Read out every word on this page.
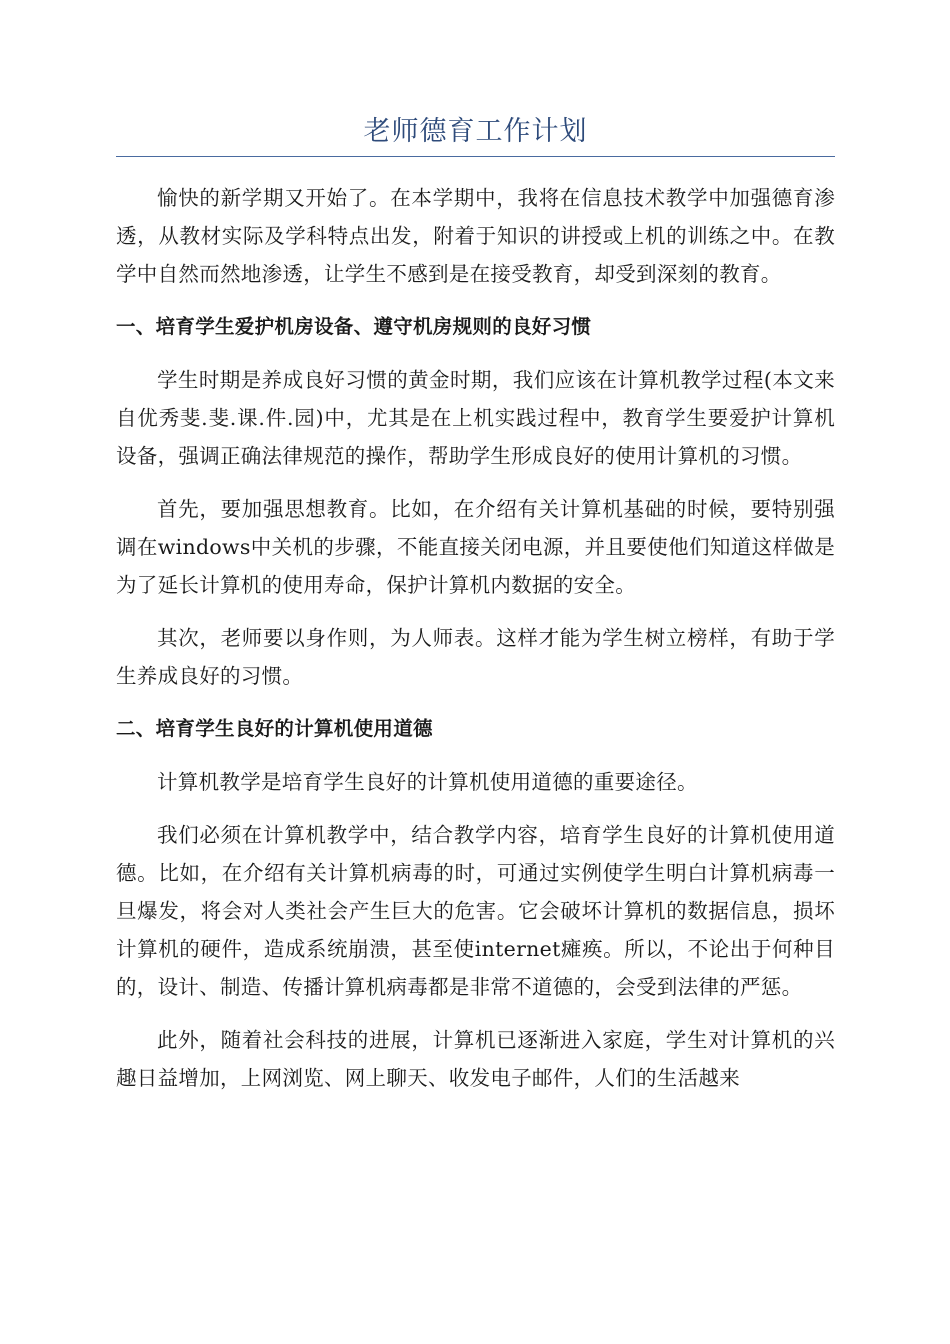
老师德育工作计划

愉快的新学期又开始了。在本学期中，我将在信息技术教学中加强德育渗透，从教材实际及学科特点出发，附着于知识的讲授或上机的训练之中。在教学中自然而然地渗透，让学生不感到是在接受教育，却受到深刻的教育。

一、培育学生爱护机房设备、遵守机房规则的良好习惯

学生时期是养成良好习惯的黄金时期，我们应该在计算机教学过程(本文来自优秀斐.斐.课.件.园)中，尤其是在上机实践过程中，教育学生要爱护计算机设备，强调正确法律规范的操作，帮助学生形成良好的使用计算机的习惯。

首先，要加强思想教育。比如，在介绍有关计算机基础的时候，要特别强调在windows中关机的步骤，不能直接关闭电源，并且要使他们知道这样做是为了延长计算机的使用寿命，保护计算机内数据的安全。

其次，老师要以身作则，为人师表。这样才能为学生树立榜样，有助于学生养成良好的习惯。

二、培育学生良好的计算机使用道德

计算机教学是培育学生良好的计算机使用道德的重要途径。

我们必须在计算机教学中，结合教学内容，培育学生良好的计算机使用道德。比如，在介绍有关计算机病毒的时，可通过实例使学生明白计算机病毒一旦爆发，将会对人类社会产生巨大的危害。它会破坏计算机的数据信息，损坏计算机的硬件，造成系统崩溃，甚至使internet瘫痪。所以，不论出于何种目的，设计、制造、传播计算机病毒都是非常不道德的，会受到法律的严惩。

此外，随着社会科技的进展，计算机已逐渐进入家庭，学生对计算机的兴趣日益增加，上网浏览、网上聊天、收发电子邮件，人们的生活越来
